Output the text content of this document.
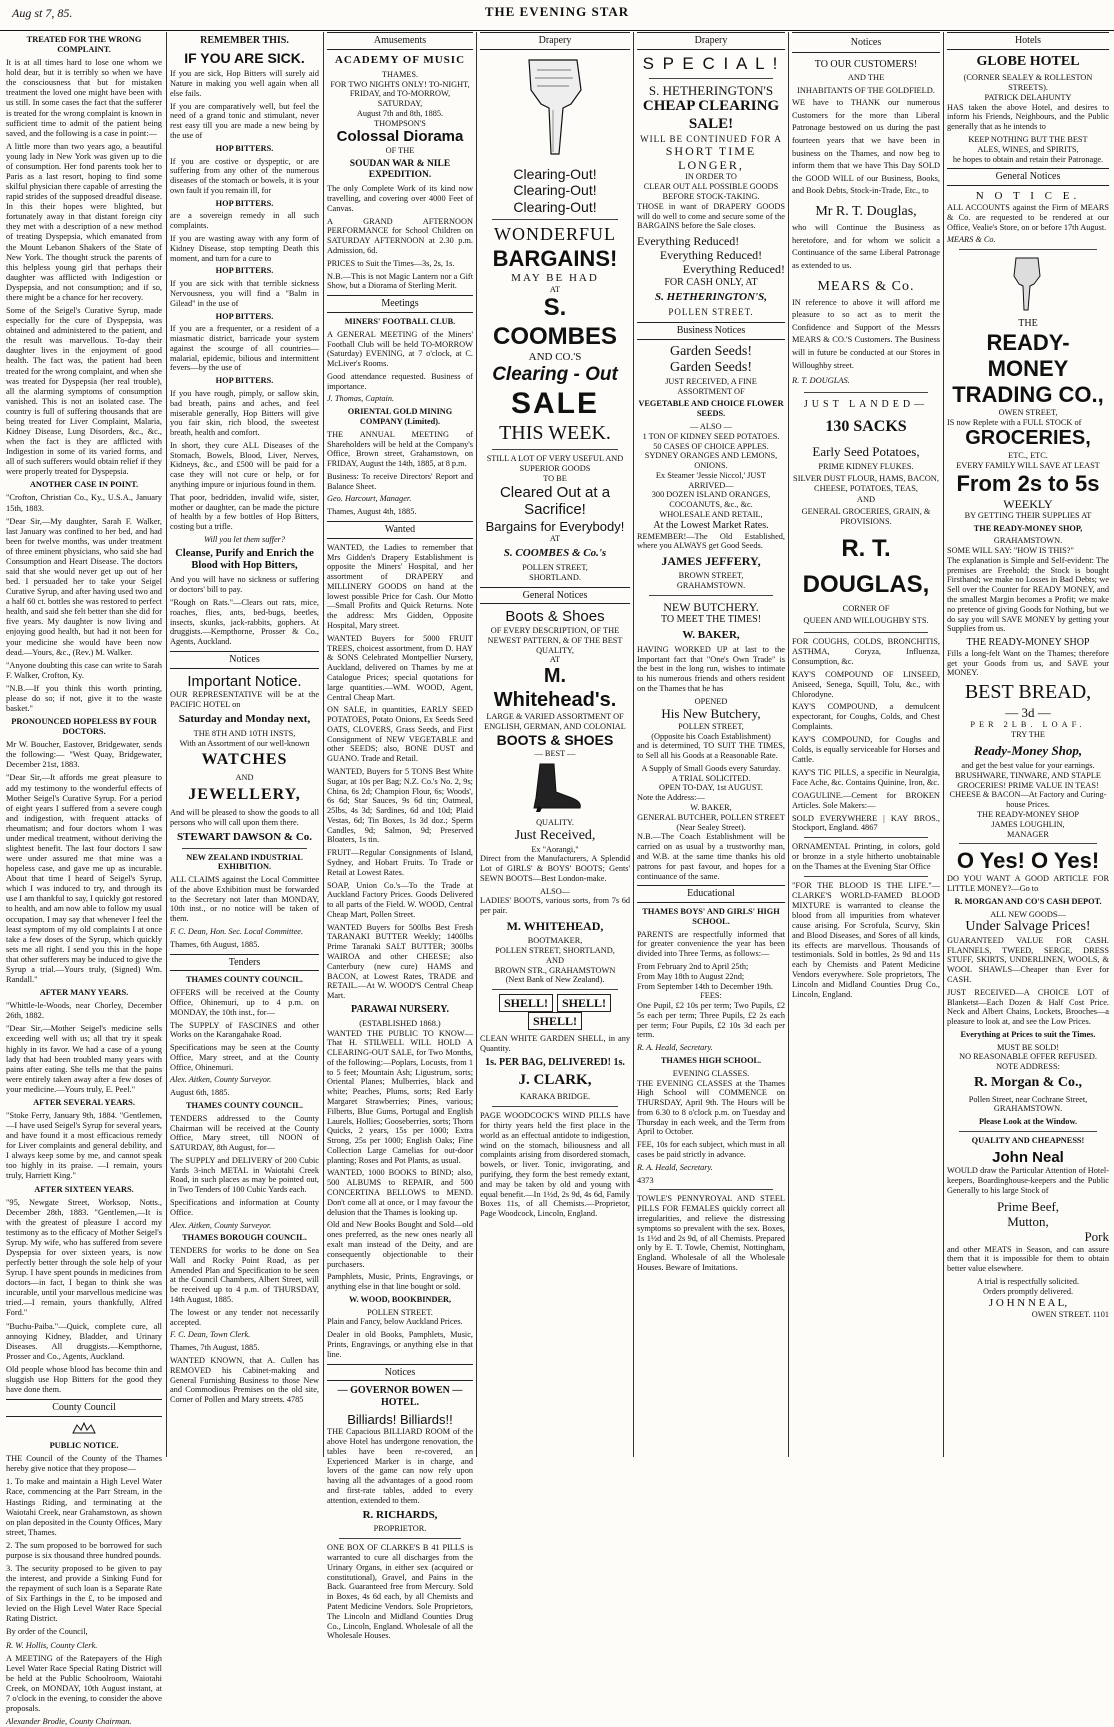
Aug st 7, 85.	THE EVENING STAR
TREATED FOR THE WRONG COMPLAINT.

It is at all times hard to lose one whom we hold dear, but it is terribly so when we have the consciousness that but for mistaken treatment the loved one might have been with us still. In some cases the fact that the sufferer is treated for the wrong complaint is known in sufficient time to admit of the patient being saved, and the following is a case in point:—

A little more than two years ago, a beautiful young lady in New York was given up to die of consumption. Her fond parents took her to Paris as a last resort, hoping to find some skilful physician there capable of arresting the rapid strides of the supposed dreadful disease. In this their hopes were blighted, but fortunately away in that distant foreign city they met with a description of a new method of treating Dyspepsia, which emanated from the Mount Lebanon Shakers of the State of New York. The thought struck the parents of this helpless young girl that perhaps their daughter was afflicted with Indigestion or Dyspepsia, and not consumption; and if so, there might be a chance for her recovery.

Some of the Seigel's Curative Syrup, made especially for the cure of Dyspepsia, was obtained and administered to the patient, and the result was marvellous. To-day their daughter lives in the enjoyment of good health. The fact was, the patient had been treated for the wrong complaint, and when she was treated for Dyspepsia (her real trouble), all the alarming symptoms of consumption vanished. This is not an isolated case. The country is full of suffering thousands that are being treated for Liver Complaint, Malaria, Kidney Disease, Lung Disorders, &c., &c., when the fact is they are afflicted with Indigestion in some of its varied forms, and all of such sufferers would obtain relief if they were properly treated for Dyspepsia.

ANOTHER CASE IN POINT.

"Crofton, Christian Co., Ky., U.S.A., January 15th, 1883.

"Dear Sir,—My daughter, Sarah F. Walker, last January was confined to her bed, and had been for twelve months, was under treatment of three eminent physicians, who said she had Consumption and Heart Disease. The doctors said that she would never get up out of her bed. I persuaded her to take your Seigel Curative Syrup, and after having used two and a half 60 ct. bottles she was restored to perfect health, and said she felt better than she did for five years. My daughter is now living and enjoying good health, but had it not been for your medicine she would have been now dead.—Yours, &c., (Rev.) M. Walker.

"Anyone doubting this case can write to Sarah F. Walker, Crofton, Ky.

"N.B.—If you think this worth printing, please do so; if not, give it to the waste basket."

PRONOUNCED HOPELESS BY FOUR DOCTORS.

Mr W. Boucher, Eastover, Bridgewater, sends the following:— "West Quay, Bridgewater, December 21st, 1883.

"Dear Sir,—It affords me great pleasure to add my testimony to the wonderful effects of Mother Seigel's Curative Syrup. For a period of eight years I suffered from a severe cough and indigestion, with frequent attacks of rheumatism; and four doctors whom I was under medical treatment, without deriving the slightest benefit. The last four doctors I saw were under assured me that mine was a hopeless case, and gave me up as incurable. About that time I heard of Seigel's Syrup, which I was induced to try, and through its use I am thankful to say, I quickly got restored to health, and am now able to follow my usual occupation. I may say that whenever I feel the least symptom of my old complaints I at once take a few doses of the Syrup, which quickly sets me all right. I send you this in the hope that other sufferers may be induced to give the Syrup a trial.—Yours truly, (Signed) Wm. Randall."

AFTER MANY YEARS.

"Whittle-le-Woods, near Chorley, December 26th, 1882.

"Dear Sir,—Mother Seigel's medicine sells exceeding well with us; all that try it speak highly in its favor. We had a case of a young lady that had been troubled many years with pains after eating. She tells me that the pains were entirely taken away after a few doses of your medicine.—Yours truly, E. Peel."

AFTER SEVERAL YEARS.

"Stoke Ferry, January 9th, 1884. "Gentlemen,—I have used Seigel's Syrup for several years, and have found it a most efficacious remedy for Liver complaints and general debility, and I always keep some by me, and cannot speak too highly in its praise. —I remain, yours truly, Harriett King."

AFTER SIXTEEN YEARS.

"95, Newgate Street, Worksop, Notts., December 28th, 1883. "Gentlemen,—It is with the greatest of pleasure I accord my testimony as to the efficacy of Mother Seigel's Syrup. My wife, who has suffered from severe Dyspepsia for over sixteen years, is now perfectly better through the sole help of your Syrup. I have spent pounds in medicines from doctors—in fact, I began to think she was incurable, until your marvellous medicine was tried.—I remain, yours thankfully, Alfred Ford."

"Buchu-Paiba."—Quick, complete cure, all annoying Kidney, Bladder, and Urinary Diseases. All druggists.—Kempthorne, Prosser and Co., Agents, Auckland.

Old people whose blood has become thin and sluggish use Hop Bitters for the good they have done them.

County Council
PUBLIC NOTICE.

THE Council of the County of the Thames hereby give notice that they propose—

1. To make and maintain a High Level Water Race, commencing at the Parr Stream, in the Hastings Riding, and terminating at the Waiotahi Creek, near Grahamstown, as shown on plan deposited in the County Offices, Mary street, Thames.

2. The sum proposed to be borrowed for such purpose is six thousand three hundred pounds.

3. The security proposed to be given to pay the interest, and provide a Sinking Fund for the repayment of such loan is a Separate Rate of Six Farthings in the £, to be imposed and levied on the High Level Water Race Special Rating District.

By order of the Council,

R. W. Hollis, County Clerk.

A MEETING of the Ratepayers of the High Level Water Race Special Rating District will be held at the Public Schoolroom, Waiotahi Creek, on MONDAY, 10th August instant, at 7 o'clock in the evening, to consider the above proposals.

Alexander Brodie, County Chairman.

REMEMBER THIS.
IF YOU ARE SICK.

If you are sick, Hop Bitters will surely aid Nature in making you well again when all else fails.

If you are comparatively well, but feel the need of a grand tonic and stimulant, never rest easy till you are made a new being by the use of

HOP BITTERS.

If you are costive or dyspeptic, or are suffering from any other of the numerous diseases of the stomach or bowels, it is your own fault if you remain ill, for

HOP BITTERS.

are a sovereign remedy in all such complaints.

If you are wasting away with any form of Kidney Disease, stop tempting Death this moment, and turn for a cure to

HOP BITTERS.

If you are sick with that terrible sickness Nervousness, you will find a "Balm in Gilead" in the use of

HOP BITTERS.

If you are a frequenter, or a resident of a miasmatic district, barricade your system against the scourge of all countries—malarial, epidemic, bilious and intermittent fevers—by the use of

HOP BITTERS.

If you have rough, pimply, or sallow skin, bad breath, pains and aches, and feel miserable generally, Hop Bitters will give you fair skin, rich blood, the sweetest breath, health and comfort.

In short, they cure ALL Diseases of the Stomach, Bowels, Blood, Liver, Nerves, Kidneys, &c., and £500 will be paid for a case they will not cure or help, or for anything impure or injurious found in them.

That poor, bedridden, invalid wife, sister, mother or daughter, can be made the picture of health by a few bottles of Hop Bitters, costing but a trifle.

Will you let them suffer?
Cleanse, Purify and Enrich the Blood with Hop Bitters,

And you will have no sickness or suffering or doctors' bill to pay.

"Rough on Rats."—Clears out rats, mice, roaches, flies, ants, bed-bugs, beetles, insects, skunks, jack-rabbits, gophers. At druggists.—Kempthorne, Prosser & Co., Agents, Auckland.

Notices
Important Notice.

OUR REPRESENTATIVE will be at the PACIFIC HOTEL on

Saturday and Monday next,
THE 8TH AND 10TH INSTS,
With an Assortment of our well-known
WATCHES
AND
JEWELLERY,

And will be pleased to show the goods to all persons who will call upon them there.

STEWART DAWSON & Co.
NEW ZEALAND INDUSTRIAL EXHIBITION.

ALL CLAIMS against the Local Committee of the above Exhibition must be forwarded to the Secretary not later than MONDAY, 10th inst., or no notice will be taken of them.

F. C. Dean, Hon. Sec. Local Committee.

Thames, 6th August, 1885.

Tenders
THAMES COUNTY COUNCIL.

OFFERS will be received at the County Office, Ohinemuri, up to 4 p.m. on MONDAY, the 10th inst., for—

The SUPPLY of FASCINES and other Works on the Karangahake Road.

Specifications may be seen at the County Office, Mary street, and at the County Office, Ohinemuri.

Alex. Aitken, County Surveyor.

August 6th, 1885.

THAMES COUNTY COUNCIL.

TENDERS addressed to the County Chairman will be received at the County Office, Mary street, till NOON of SATURDAY, 8th August, for—

The SUPPLY and DELIVERY of 200 Cubic Yards 3-inch METAL in Waiotahi Creek Road, in such places as may be pointed out, in Two Tenders of 100 Cubic Yards each.

Specifications and information at County Office.

Alex. Aitken, County Surveyor.

THAMES BOROUGH COUNCIL.

TENDERS for works to be done on Sea Wall and Rocky Point Road, as per Amended Plan and Specification to be seen at the Council Chambers, Albert Street, will be received up to 4 p.m. of THURSDAY, 14th August, 1885.

The lowest or any tender not necessarily accepted.

F. C. Dean, Town Clerk.

Thames, 7th August, 1885.

WANTED KNOWN, that A. Cullen has REMOVED his Cabinet-making and General Furnishing Business to those New and Commodious Premises on the old site, Corner of Pollen and Mary streets. 4785

Amusements
ACADEMY OF MUSIC
THAMES.
FOR TWO NIGHTS ONLY! TO-NIGHT, FRIDAY, and TO-MORROW, SATURDAY,
August 7th and 8th, 1885.
THOMPSON'S
Colossal Diorama
OF THE
SOUDAN WAR & NILE EXPEDITION.

The only Complete Work of its kind now travelling, and covering over 4000 Feet of Canvas.

A GRAND AFTERNOON PERFORMANCE for School Children on SATURDAY AFTERNOON at 2.30 p.m. Admission, 6d.

PRICES to Suit the Times—3s, 2s, 1s.

N.B.—This is not Magic Lantern nor a Gift Show, but a Diorama of Sterling Merit.

Meetings
MINERS' FOOTBALL CLUB.

A GENERAL MEETING of the Miners' Football Club will be held TO-MORROW (Saturday) EVENING, at 7 o'clock, at C. McLiver's Rooms.

Good attendance requested. Business of importance.

J. Thomas, Captain.

ORIENTAL GOLD MINING COMPANY (Limited).

THE ANNUAL MEETING of Shareholders will be held at the Company's Office, Brown street, Grahamstown, on FRIDAY, August the 14th, 1885, at 8 p.m.

Business: To receive Directors' Report and Balance Sheet.

Geo. Harcourt, Manager.

Thames, August 4th, 1885.

Wanted

WANTED, the Ladies to remember that Mrs Gidden's Drapery Establishment is opposite the Miners' Hospital, and her assortment of DRAPERY and MILLINERY GOODS on hand at the lowest possible Price for Cash. Our Motto—Small Profits and Quick Returns. Note the address: Mrs Gidden, Opposite Hospital, Mary street.

WANTED Buyers for 5000 FRUIT TREES, choicest assortment, from D. HAY & SONS Celebrated Montpellier Nursery, Auckland, delivered on Thames by me at Catalogue Prices; special quotations for large quantities.—WM. WOOD, Agent, Central Cheap Mart.

ON SALE, in quantities, EARLY SEED POTATOES, Potato Onions, Ex Seeds Seed OATS, CLOVERS, Grass Seeds, and First Consignment of NEW VEGETABLE and other SEEDS; also, BONE DUST and GUANO. Trade and Retail.

WANTED, Buyers for 5 TONS Best White Sugar, at 10s per Bag; N.Z. Co.'s No. 2, 9s; China, 6s 2d; Champion Flour, 6s; Woods', 6s 6d; Star Sauces, 9s 6d tin; Oatmeal, 25lbs, 4s 3d; Sardines, 6d and 10d; Plaid Vestas, 6d; Tin Boxes, 1s 3d doz.; Sperm Candles, 9d; Salmon, 9d; Preserved Bloaters, 1s tin.

FRUIT—Regular Consignments of Island, Sydney, and Hobart Fruits. To Trade or Retail at Lowest Rates.

SOAP, Union Co.'s—To the Trade at Auckland Factory Prices. Goods Delivered to all parts of the Field. W. WOOD, Central Cheap Mart, Pollen Street.

WANTED Buyers for 500lbs Best Fresh TARANAKI BUTTER Weekly; 1400lbs Prime Taranaki SALT BUTTER; 300lbs WAIROA and other CHEESE; also Canterbury (new cure) HAMS and BACON, at Lowest Rates, TRADE and RETAIL.—At W. WOOD'S Central Cheap Mart.

PARAWAI NURSERY.
(ESTABLISHED 1868.)

WANTED THE PUBLIC TO KNOW—That H. STILWELL WILL HOLD A CLEARING-OUT SALE, for Two Months, of the following:—Poplars, Locusts, from 1 to 5 feet; Mountain Ash; Ligustrum, sorts; Oriental Planes; Mulberries, black and white; Peaches, Plums, sorts; Red Early Margaret Strawberries; Pines, various; Filberts, Blue Gums, Portugal and English Laurels, Hollies; Gooseberries, sorts; Thorn Quicks, 2 years, 15s per 1000; Extra Strong, 25s per 1000; English Oaks; Fine Collection Large Camelias for out-door planting; Roses and Pot Plants, as usual.

WANTED, 1000 BOOKS to BIND; also, 500 ALBUMS to REPAIR, and 500 CONCERTINA BELLOWS to MEND. Don't come all at once, or I may favour the delusion that the Thames is looking up.

Old and New Books Bought and Sold—old ones preferred, as the new ones nearly all exalt man instead of the Deity, and are consequently objectionable to their purchasers.

Pamphlets, Music, Prints, Engravings, or anything else in that line bought or sold.

W. WOOD, BOOKBINDER,
POLLEN STREET.

Plain and Fancy, below Auckland Prices.

Dealer in old Books, Pamphlets, Music, Prints, Engravings, or anything else in that line.

Notices
— GOVERNOR BOWEN — HOTEL.
Billiards! Billiards!!

THE Capacious BILLIARD ROOM of the above Hotel has undergone renovation, the tables have been re-covered, an Experienced Marker is in charge, and lovers of the game can now rely upon having all the advantages of a good room and first-rate tables, added to every attention, extended to them.

R. RICHARDS,
PROPRIETOR.

ONE BOX OF CLARKE'S B 41 PILLS is warranted to cure all discharges from the Urinary Organs, in either sex (acquired or constitutional), Gravel, and Pains in the Back. Guaranteed free from Mercury. Sold in Boxes, 4s 6d each, by all Chemists and Patent Medicine Vendors. Sole Proprietors, The Lincoln and Midland Counties Drug Co., Lincoln, England. Wholesale of all the Wholesale Houses.

Drapery
Clearing-Out!
Clearing-Out!
Clearing-Out!
WONDERFUL
BARGAINS!
MAY BE HAD
AT
S. COOMBES
AND CO.'S
Clearing - Out
SALE
THIS WEEK.
STILL A LOT OF VERY USEFUL AND SUPERIOR GOODS
TO BE
Cleared Out at a Sacrifice!
Bargains for Everybody!
AT
S. COOMBES & Co.'s
POLLEN STREET,
SHORTLAND.
General Notices
Boots & Shoes
OF EVERY DESCRIPTION, OF THE NEWEST PATTERN, & OF THE BEST QUALITY,
AT
M. Whitehead's.
LARGE & VARIED ASSORTMENT OF ENGLISH, GERMAN, AND COLONIAL
BOOTS & SHOES
— BEST —
QUALITY.
Just Received,
Ex "Aorangi,"

Direct from the Manufacturers, A Splendid Lot of GIRLS' & BOYS' BOOTS; Gents' SEWN BOOTS—Best London-make.

ALSO—

LADIES' BOOTS, various sorts, from 7s 6d per pair.

M. WHITEHEAD,
BOOTMAKER,
POLLEN STREET, SHORTLAND,
AND
BROWN STR., GRAHAMSTOWN
(Next Bank of New Zealand).
SHELL! SHELL!SHELL!

CLEAN WHITE GARDEN SHELL, in any Quantity.

1s. PER BAG, DELIVERED! 1s.
J. CLARK,
KARAKA BRIDGE.

PAGE WOODCOCK'S WIND PILLS have for thirty years held the first place in the world as an effectual antidote to indigestion, wind on the stomach, biliousness and all complaints arising from disordered stomach, bowels, or liver. Tonic, invigorating, and purifying, they form the best remedy extant, and may be taken by old and young with equal benefit.—In 1½d, 2s 9d, 4s 6d, Family Boxes 11s, of all Chemists.—Proprietor, Page Woodcock, Lincoln, England.

Drapery
S P E C I A L !
S. HETHERINGTON'S
CHEAP CLEARING SALE!
WILL BE CONTINUED FOR A
SHORT TIME LONGER,
IN ORDER TO
CLEAR OUT ALL POSSIBLE GOODS BEFORE STOCK-TAKING.

THOSE in want of DRAPERY GOODS will do well to come and secure some of the BARGAINS before the Sale closes.

Everything Reduced!
Everything Reduced!
Everything Reduced!
FOR CASH ONLY, AT
S. HETHERINGTON'S,
POLLEN STREET.
Business Notices
Garden Seeds!
Garden Seeds!
JUST RECEIVED, A FINE ASSORTMENT OF
VEGETABLE AND CHOICE FLOWER SEEDS.
— ALSO —
1 TON OF KIDNEY SEED POTATOES.
50 CASES OF CHOICE APPLES.
SYDNEY ORANGES AND LEMONS, ONIONS.
Ex Steamer 'Jessie Niccol,' JUST ARRIVED—
300 DOZEN ISLAND ORANGES, COCOANUTS, &c., &c.
WHOLESALE AND RETAIL,
At the Lowest Market Rates.

REMEMBER!—The Old Established, where you ALWAYS get Good Seeds.

JAMES JEFFERY,
BROWN STREET,
GRAHAMSTOWN.
NEW BUTCHERY.
TO MEET THE TIMES!
W. BAKER,

HAVING WORKED UP at last to the Important fact that "One's Own Trade" is the best in the long run, wishes to intimate to his numerous friends and others resident on the Thames that he has

OPENED
His New Butchery,
POLLEN STREET,
(Opposite his Coach Establishment)

and is determined, TO SUIT THE TIMES, to Sell all his Goods at a Reasonable Rate.

A Supply of Small Goods every Saturday.
A TRIAL SOLICITED.
OPEN TO-DAY, 1st AUGUST.
Note the Address:—
W. BAKER,
GENERAL BUTCHER, POLLEN STREET
(Near Sealey Street).

N.B.—The Coach Establishment will be carried on as usual by a trustworthy man, and W.B. at the same time thanks his old patrons for past favour, and hopes for a continuance of the same.

Educational
THAMES BOYS' AND GIRLS' HIGH SCHOOL.

PARENTS are respectfully informed that for greater convenience the year has been divided into Three Terms, as follows:—

From February 2nd to April 25th;
From May 18th to August 22nd;
From September 14th to December 19th.
FEES:

One Pupil, £2 10s per term; Two Pupils, £2 5s each per term; Three Pupils, £2 2s each per term; Four Pupils, £2 10s 3d each per term.

R. A. Heald, Secretary.

THAMES HIGH SCHOOL.
EVENING CLASSES.

THE EVENING CLASSES at the Thames High School will COMMENCE on THURSDAY, April 9th. The Hours will be from 6.30 to 8 o'clock p.m. on Tuesday and Thursday in each week, and the Term from April to October.

FEE, 10s for each subject, which must in all cases be paid strictly in advance.

R. A. Heald, Secretary.

4373

TOWLE'S PENNYROYAL AND STEEL PILLS FOR FEMALES quickly correct all irregularities, and relieve the distressing symptoms so prevalent with the sex. Boxes, 1s 1½d and 2s 9d, of all Chemists. Prepared only by E. T. Towle, Chemist, Nottingham, England. Wholesale of all the Wholesale Houses. Beware of Imitations.

Notices
TO OUR CUSTOMERS!
AND THE
INHABITANTS OF THE GOLDFIELD.

WE have to THANK our numerous Customers for the more than Liberal Patronage bestowed on us during the past fourteen years that we have been in business on the Thames, and now beg to inform them that we have This Day SOLD the GOOD WILL of our Business, Books, and Book Debts, Stock-in-Trade, Etc., to

Mr R. T. Douglas,

who will Continue the Business as heretofore, and for whom we solicit a Continuance of the same Liberal Patronage as extended to us.

MEARS & Co.

IN reference to above it will afford me pleasure to so act as to merit the Confidence and Support of the Messrs MEARS & CO.'S Customers. The Business will in future be conducted at our Stores in Willoughby street.

R. T. DOUGLAS.

JUST LANDED—
130 SACKS
Early Seed Potatoes,
PRIME KIDNEY FLUKES.
SILVER DUST FLOUR, HAMS, BACON, CHEESE, POTATOES, TEAS,
AND
GENERAL GROCERIES, GRAIN, & PROVISIONS.
R. T. DOUGLAS,
CORNER OF
QUEEN AND WILLOUGHBY STS.

FOR COUGHS, COLDS, BRONCHITIS, ASTHMA, Coryza, Influenza, Consumption, &c.

KAY'S COMPOUND OF LINSEED, Aniseed, Senega, Squill, Tolu, &c., with Chlorodyne.

KAY'S COMPOUND, a demulcent expectorant, for Coughs, Colds, and Chest Complaints.

KAY'S COMPOUND, for Coughs and Colds, is equally serviceable for Horses and Cattle.

KAY'S TIC PILLS, a specific in Neuralgia, Face Ache, &c. Contains Quinine, Iron, &c.

COAGULINE.—Cement for BROKEN Articles. Sole Makers:—

SOLD EVERYWHERE | KAY BROS., Stockport, England. 4867

ORNAMENTAL Printing, in colors, gold or bronze in a style hitherto unobtainable on the Thames at the Evening Star Office

"FOR THE BLOOD IS THE LIFE."—CLARKE'S WORLD-FAMED BLOOD MIXTURE is warranted to cleanse the blood from all impurities from whatever cause arising. For Scrofula, Scurvy, Skin and Blood Diseases, and Sores of all kinds, its effects are marvellous. Thousands of testimonials. Sold in bottles, 2s 9d and 11s each by Chemists and Patent Medicine Vendors everywhere. Sole proprietors, The Lincoln and Midland Counties Drug Co., Lincoln, England.

Hotels
GLOBE HOTEL
(CORNER SEALEY & ROLLESTON STREETS).
PATRICK DELAHUNTY

HAS taken the above Hotel, and desires to inform his Friends, Neighbours, and the Public generally that as he intends to

KEEP NOTHING BUT THE BEST
ALES, WINES, and SPIRITS,
he hopes to obtain and retain their Patronage.
General Notices
N O T I C E.

ALL ACCOUNTS against the Firm of MEARS & Co. are requested to be rendered at our Office, Vealie's Store, on or before 17th August.

MEARS & Co.

THE
READY-MONEY
TRADING CO.,
OWEN STREET,
IS now Replete with a FULL STOCK of
GROCERIES,
ETC., ETC.
EVERY FAMILY WILL SAVE AT LEAST
From 2s to 5s
WEEKLY
BY GETTING THEIR SUPPLIES AT
THE READY-MONEY SHOP,
GRAHAMSTOWN.
SOME WILL SAY: "HOW IS THIS?"

The explanation is Simple and Self-evident: The premises are Freehold; the Stock is bought Firsthand; we make no Losses in Bad Debts; we Sell over the Counter for READY MONEY, and the smallest Margin becomes a Profit; we make no pretence of giving Goods for Nothing, but we do say you will SAVE MONEY by getting your Supplies from us.

THE READY-MONEY SHOP

Fills a long-felt Want on the Thames; therefore get your Goods from us, and SAVE your MONEY.

BEST BREAD,
— 3d —
PER 2LB. LOAF.
TRY THE
Ready-Money Shop,
and get the best value for your earnings.
BRUSHWARE, TINWARE, AND STAPLE GROCERIES! PRIME VALUE IN TEAS!
CHEESE & BACON—At Factory and Curing-house Prices.
THE READY-MONEY SHOP
JAMES LOUGHLIN,
MANAGER
O Yes! O Yes!

DO YOU WANT A GOOD ARTICLE FOR LITTLE MONEY?—Go to

R. MORGAN AND CO'S CASH DEPOT.
ALL NEW GOODS—
Under Salvage Prices!

GUARANTEED VALUE FOR CASH. FLANNELS, TWEED, SERGE, DRESS STUFF, SKIRTS, UNDERLINEN, WOOLS, & WOOL SHAWLS—Cheaper than Ever for CASH.

JUST RECEIVED—A CHOICE LOT of Blanketst—Each Dozen & Half Cost Price. Neck and Albert Chains, Lockets, Brooches—a pleasure to look at, and see the Low Prices.

Everything at Prices to suit the Times.
MUST BE SOLD!
NO REASONABLE OFFER REFUSED.
NOTE ADDRESS:
R. Morgan & Co.,
Pollen Street, near Cochrane Street, GRAHAMSTOWN.
Please Look at the Window.
QUALITY AND CHEAPNESS!
John Neal

WOULD draw the Particular Attention of Hotel-keepers, Boardinghouse-keepers and the Public Generally to his large Stock of

Prime Beef,
Mutton,
Pork

and other MEATS in Season, and can assure them that it is impossible for them to obtain better value elsewhere.

A trial is respectfully solicited.
Orders promptly delivered.
J O H N N E A L,
OWEN STREET. 1101
